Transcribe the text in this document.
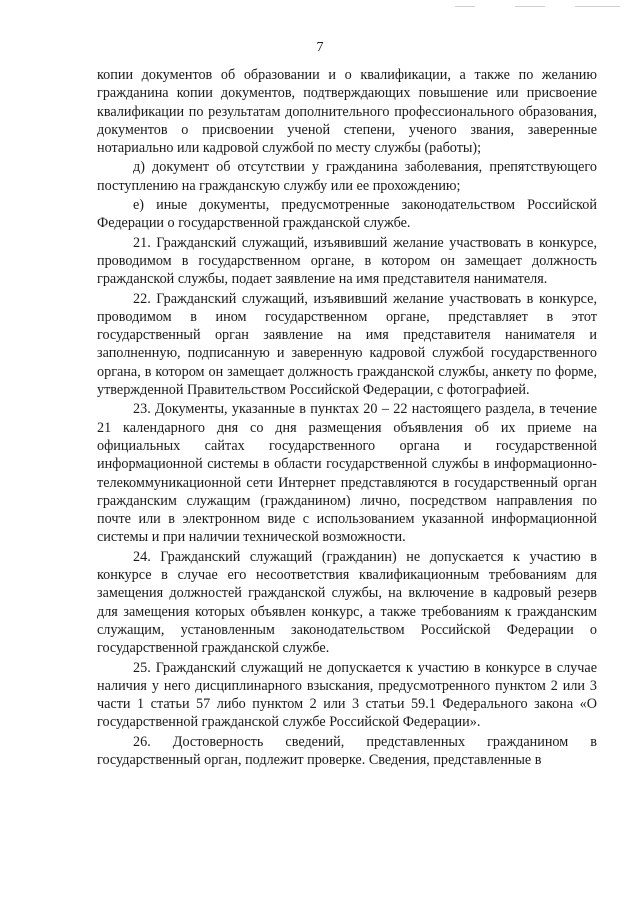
7

копии документов об образовании и о квалификации, а также по желанию гражданина копии документов, подтверждающих повышение или присвоение квалификации по результатам дополнительного профессионального образования, документов о присвоении ученой степени, ученого звания, заверенные нотариально или кадровой службой по месту службы (работы);

д) документ об отсутствии у гражданина заболевания, препятствующего поступлению на гражданскую службу или ее прохождению;

е) иные документы, предусмотренные законодательством Российской Федерации о государственной гражданской службе.

21. Гражданский служащий, изъявивший желание участвовать в конкурсе, проводимом в государственном органе, в котором он замещает должность гражданской службы, подает заявление на имя представителя нанимателя.

22. Гражданский служащий, изъявивший желание участвовать в конкурсе, проводимом в ином государственном органе, представляет в этот государственный орган заявление на имя представителя нанимателя и заполненную, подписанную и заверенную кадровой службой государственного органа, в котором он замещает должность гражданской службы, анкету по форме, утвержденной Правительством Российской Федерации, с фотографией.

23. Документы, указанные в пунктах 20 – 22 настоящего раздела, в течение 21 календарного дня со дня размещения объявления об их приеме на официальных сайтах государственного органа и государственной информационной системы в области государственной службы в информационно-телекоммуникационной сети Интернет представляются в государственный орган гражданским служащим (гражданином) лично, посредством направления по почте или в электронном виде с использованием указанной информационной системы и при наличии технической возможности.

24. Гражданский служащий (гражданин) не допускается к участию в конкурсе в случае его несоответствия квалификационным требованиям для замещения должностей гражданской службы, на включение в кадровый резерв для замещения которых объявлен конкурс, а также требованиям к гражданским служащим, установленным законодательством Российской Федерации о государственной гражданской службе.

25. Гражданский служащий не допускается к участию в конкурсе в случае наличия у него дисциплинарного взыскания, предусмотренного пунктом 2 или 3 части 1 статьи 57 либо пунктом 2 или 3 статьи 59.1 Федерального закона «О государственной гражданской службе Российской Федерации».

26. Достоверность сведений, представленных гражданином в государственный орган, подлежит проверке. Сведения, представленные в
